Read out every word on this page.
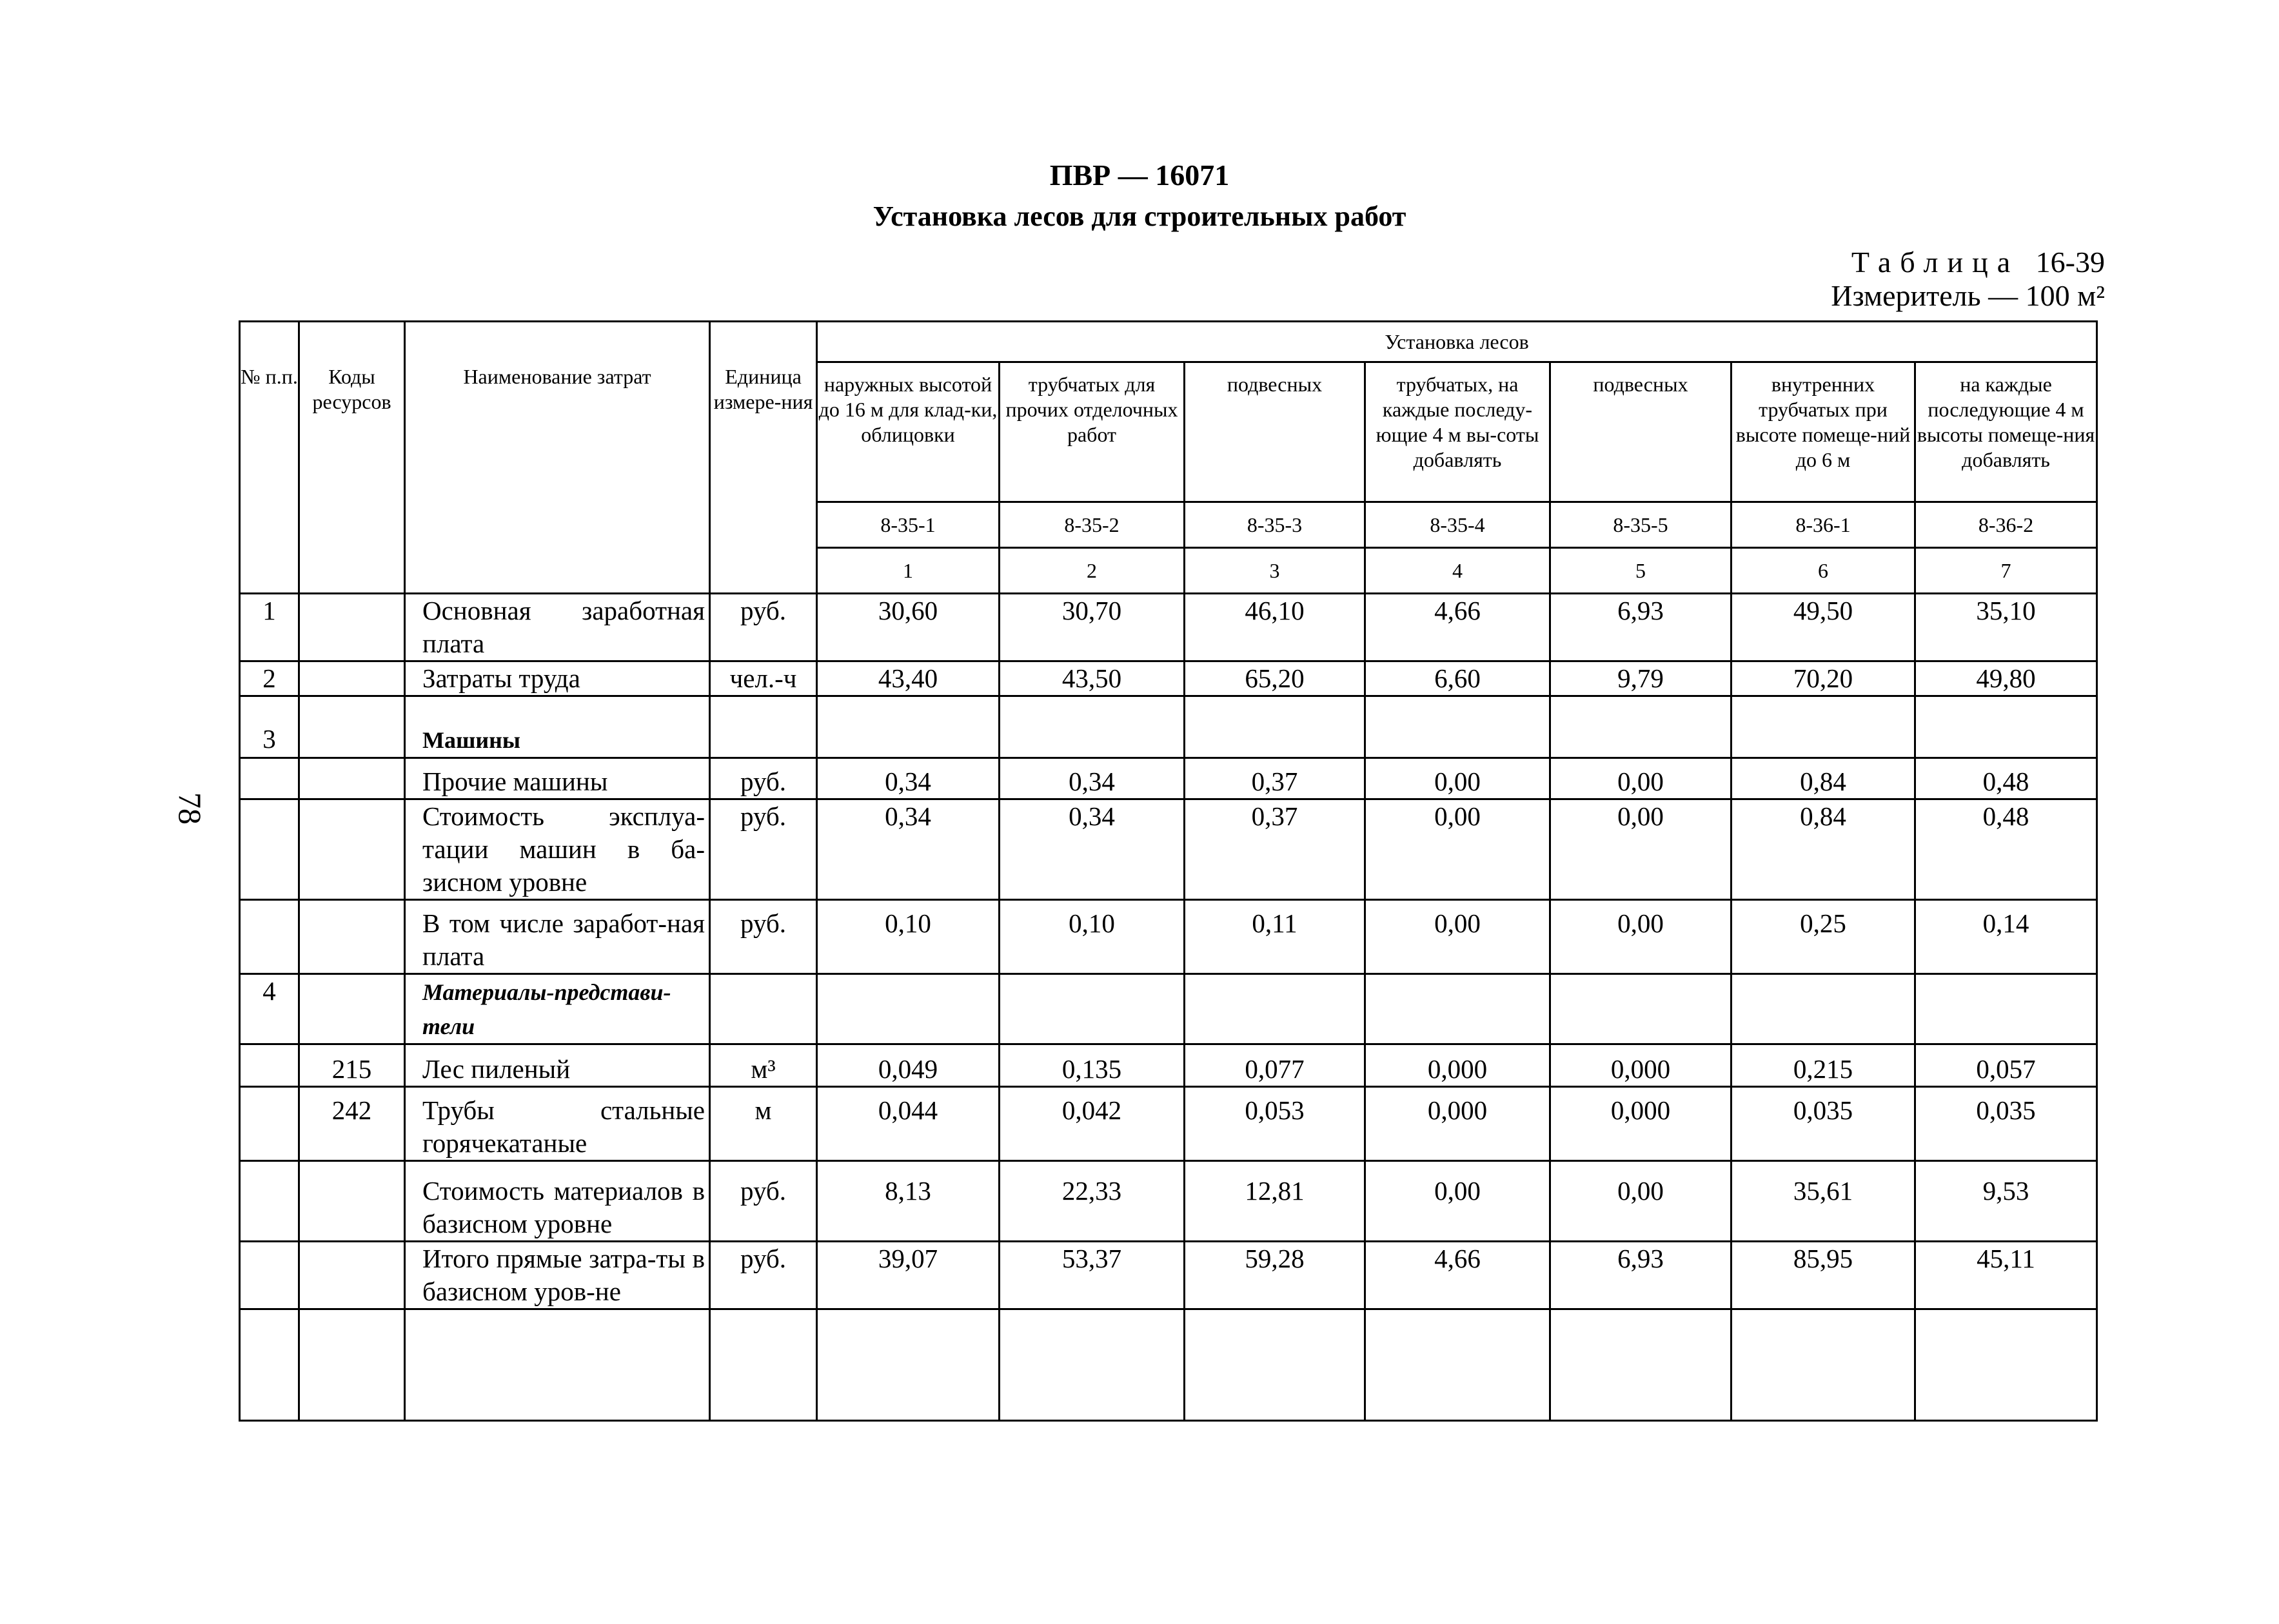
ПВР — 16071
Установка лесов для строительных работ
Таблица 16-39
Измеритель — 100 м²
78
№ п.п.	Коды ресурсов	Наименование затрат	Единица измере-ния	Установка лесов						
				наружных высотой до 16 м для клад-ки, облицовки	трубчатых для прочих отделочных работ	подвесных	трубчатых, на каждые последу-ющие 4 м вы-соты добавлять	подвесных	внутренних трубчатых при высоте помеще-ний до 6 м	на каждые последующие 4 м высоты помеще-ния добавлять
				8-35-1	8-35-2	8-35-3	8-35-4	8-35-5	8-36-1	8-36-2
				1	2	3	4	5	6	7
1		Основная заработная плата	руб.	30,60	30,70	46,10	4,66	6,93	49,50	35,10
2		Затраты труда	чел.-ч	43,40	43,50	65,20	6,60	9,79	70,20	49,80
3		Машины								
		Прочие машины	руб.	0,34	0,34	0,37	0,00	0,00	0,84	0,48
		Стоимость эксплуа-тации машин в ба-зисном уровне	руб.	0,34	0,34	0,37	0,00	0,00	0,84	0,48
		В том числе заработ-ная плата	руб.	0,10	0,10	0,11	0,00	0,00	0,25	0,14
4		Материалы-представи-тели								
	215	Лес пиленый	м³	0,049	0,135	0,077	0,000	0,000	0,215	0,057
	242	Трубы стальные горячекатаные	м	0,044	0,042	0,053	0,000	0,000	0,035	0,035
		Стоимость материалов в базисном уровне	руб.	8,13	22,33	12,81	0,00	0,00	35,61	9,53
		Итого прямые затра-ты в базисном уров-не	руб.	39,07	53,37	59,28	4,66	6,93	85,95	45,11
